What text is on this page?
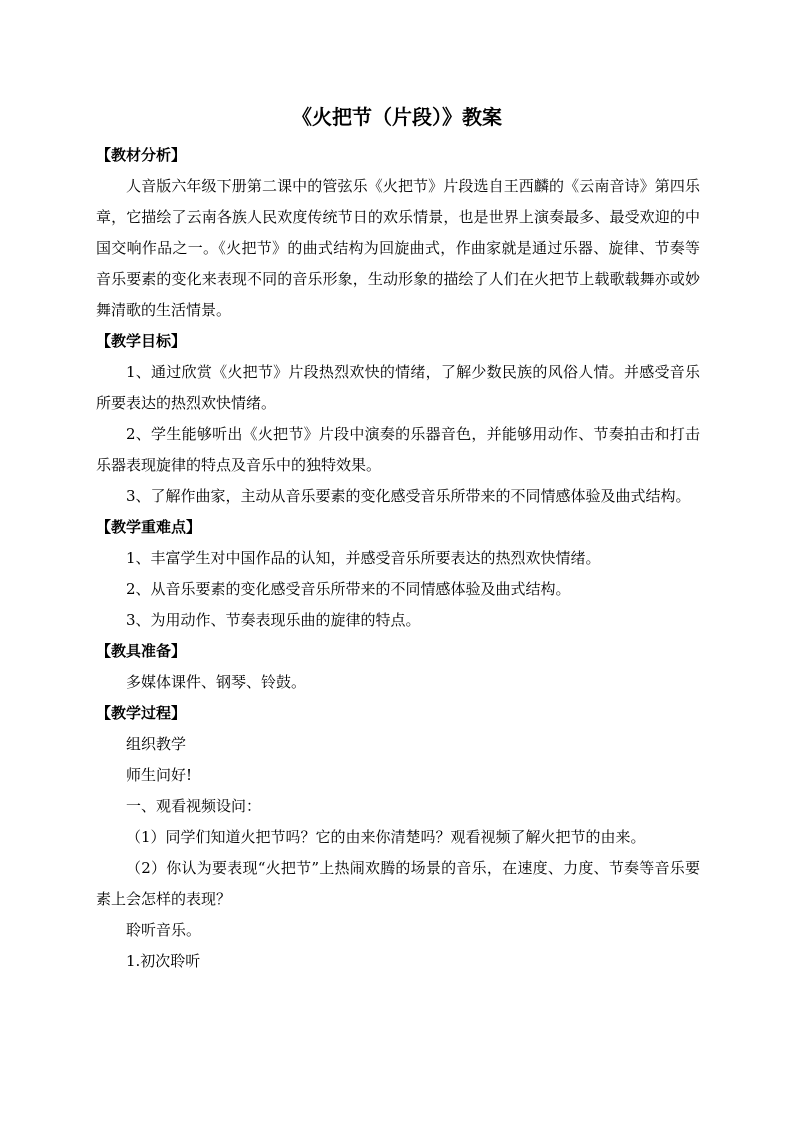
《火把节（片段）》教案

【教材分析】

人音版六年级下册第二课中的管弦乐《火把节》片段选自王西麟的《云南音诗》第四乐章，它描绘了云南各族人民欢度传统节日的欢乐情景，也是世界上演奏最多、最受欢迎的中国交响作品之一。《火把节》的曲式结构为回旋曲式，作曲家就是通过乐器、旋律、节奏等音乐要素的变化来表现不同的音乐形象，生动形象的描绘了人们在火把节上载歌载舞亦或妙舞清歌的生活情景。

【教学目标】

1、通过欣赏《火把节》片段热烈欢快的情绪，了解少数民族的风俗人情。并感受音乐所要表达的热烈欢快情绪。

2、学生能够听出《火把节》片段中演奏的乐器音色，并能够用动作、节奏拍击和打击乐器表现旋律的特点及音乐中的独特效果。

3、了解作曲家，主动从音乐要素的变化感受音乐所带来的不同情感体验及曲式结构。

【教学重难点】

1、丰富学生对中国作品的认知，并感受音乐所要表达的热烈欢快情绪。

2、从音乐要素的变化感受音乐所带来的不同情感体验及曲式结构。

3、为用动作、节奏表现乐曲的旋律的特点。

【教具准备】

多媒体课件、钢琴、铃鼓。

【教学过程】

组织教学

师生问好!

一、观看视频设问：

（1）同学们知道火把节吗？它的由来你清楚吗？观看视频了解火把节的由来。

（2）你认为要表现“火把节”上热闹欢腾的场景的音乐，在速度、力度、节奏等音乐要素上会怎样的表现？

聆听音乐。

1.初次聆听
